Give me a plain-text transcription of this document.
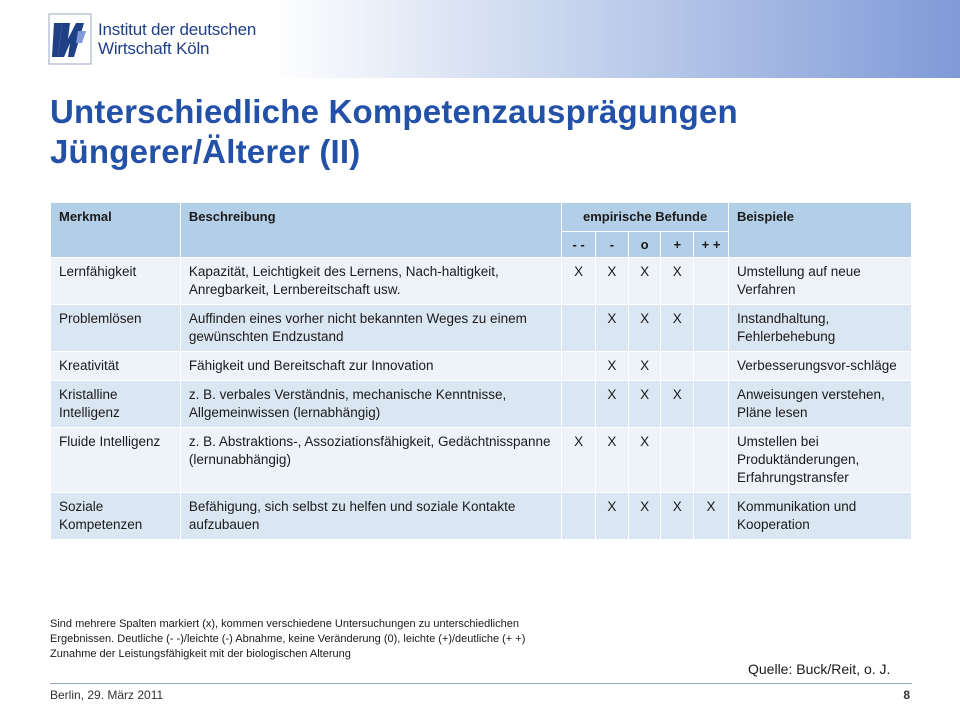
Institut der deutschen
Wirtschaft Köln
Unterschiedliche Kompetenzausprägungen
Jüngerer/Älterer (II)
Merkmal	Beschreibung	empirische Befunde					Beispiele
		- -	-	o	+	+ +	
Lernfähigkeit	Kapazität, Leichtigkeit des Lernens, Nach-haltigkeit, Anregbarkeit, Lernbereitschaft usw.	X	X	X	X		Umstellung auf neue Verfahren
Problemlösen	Auffinden eines vorher nicht bekannten Weges zu einem gewünschten Endzustand		X	X	X		Instandhaltung, Fehlerbehebung
Kreativität	Fähigkeit und Bereitschaft zur Innovation		X	X			Verbesserungsvor-schläge
Kristalline Intelligenz	z. B. verbales Verständnis, mechanische Kenntnisse, Allgemeinwissen (lernabhängig)		X	X	X		Anweisungen verstehen, Pläne lesen
Fluide Intelligenz	z. B. Abstraktions-, Assoziationsfähigkeit, Gedächtnisspanne (lernunabhängig)	X	X	X			Umstellen bei Produktänderungen, Erfahrungstransfer
Soziale Kompetenzen	Befähigung, sich selbst zu helfen und soziale Kontakte aufzubauen		X	X	X	X	Kommunikation und Kooperation
Sind mehrere Spalten markiert (x), kommen verschiedene Untersuchungen zu unterschiedlichen
Ergebnissen. Deutliche (- -)/leichte (-) Abnahme, keine Veränderung (0), leichte (+)/deutliche (+ +)
Zunahme der Leistungsfähigkeit mit der biologischen Alterung
Quelle: Buck/Reit, o. J.
Berlin, 29. März 2011	8
